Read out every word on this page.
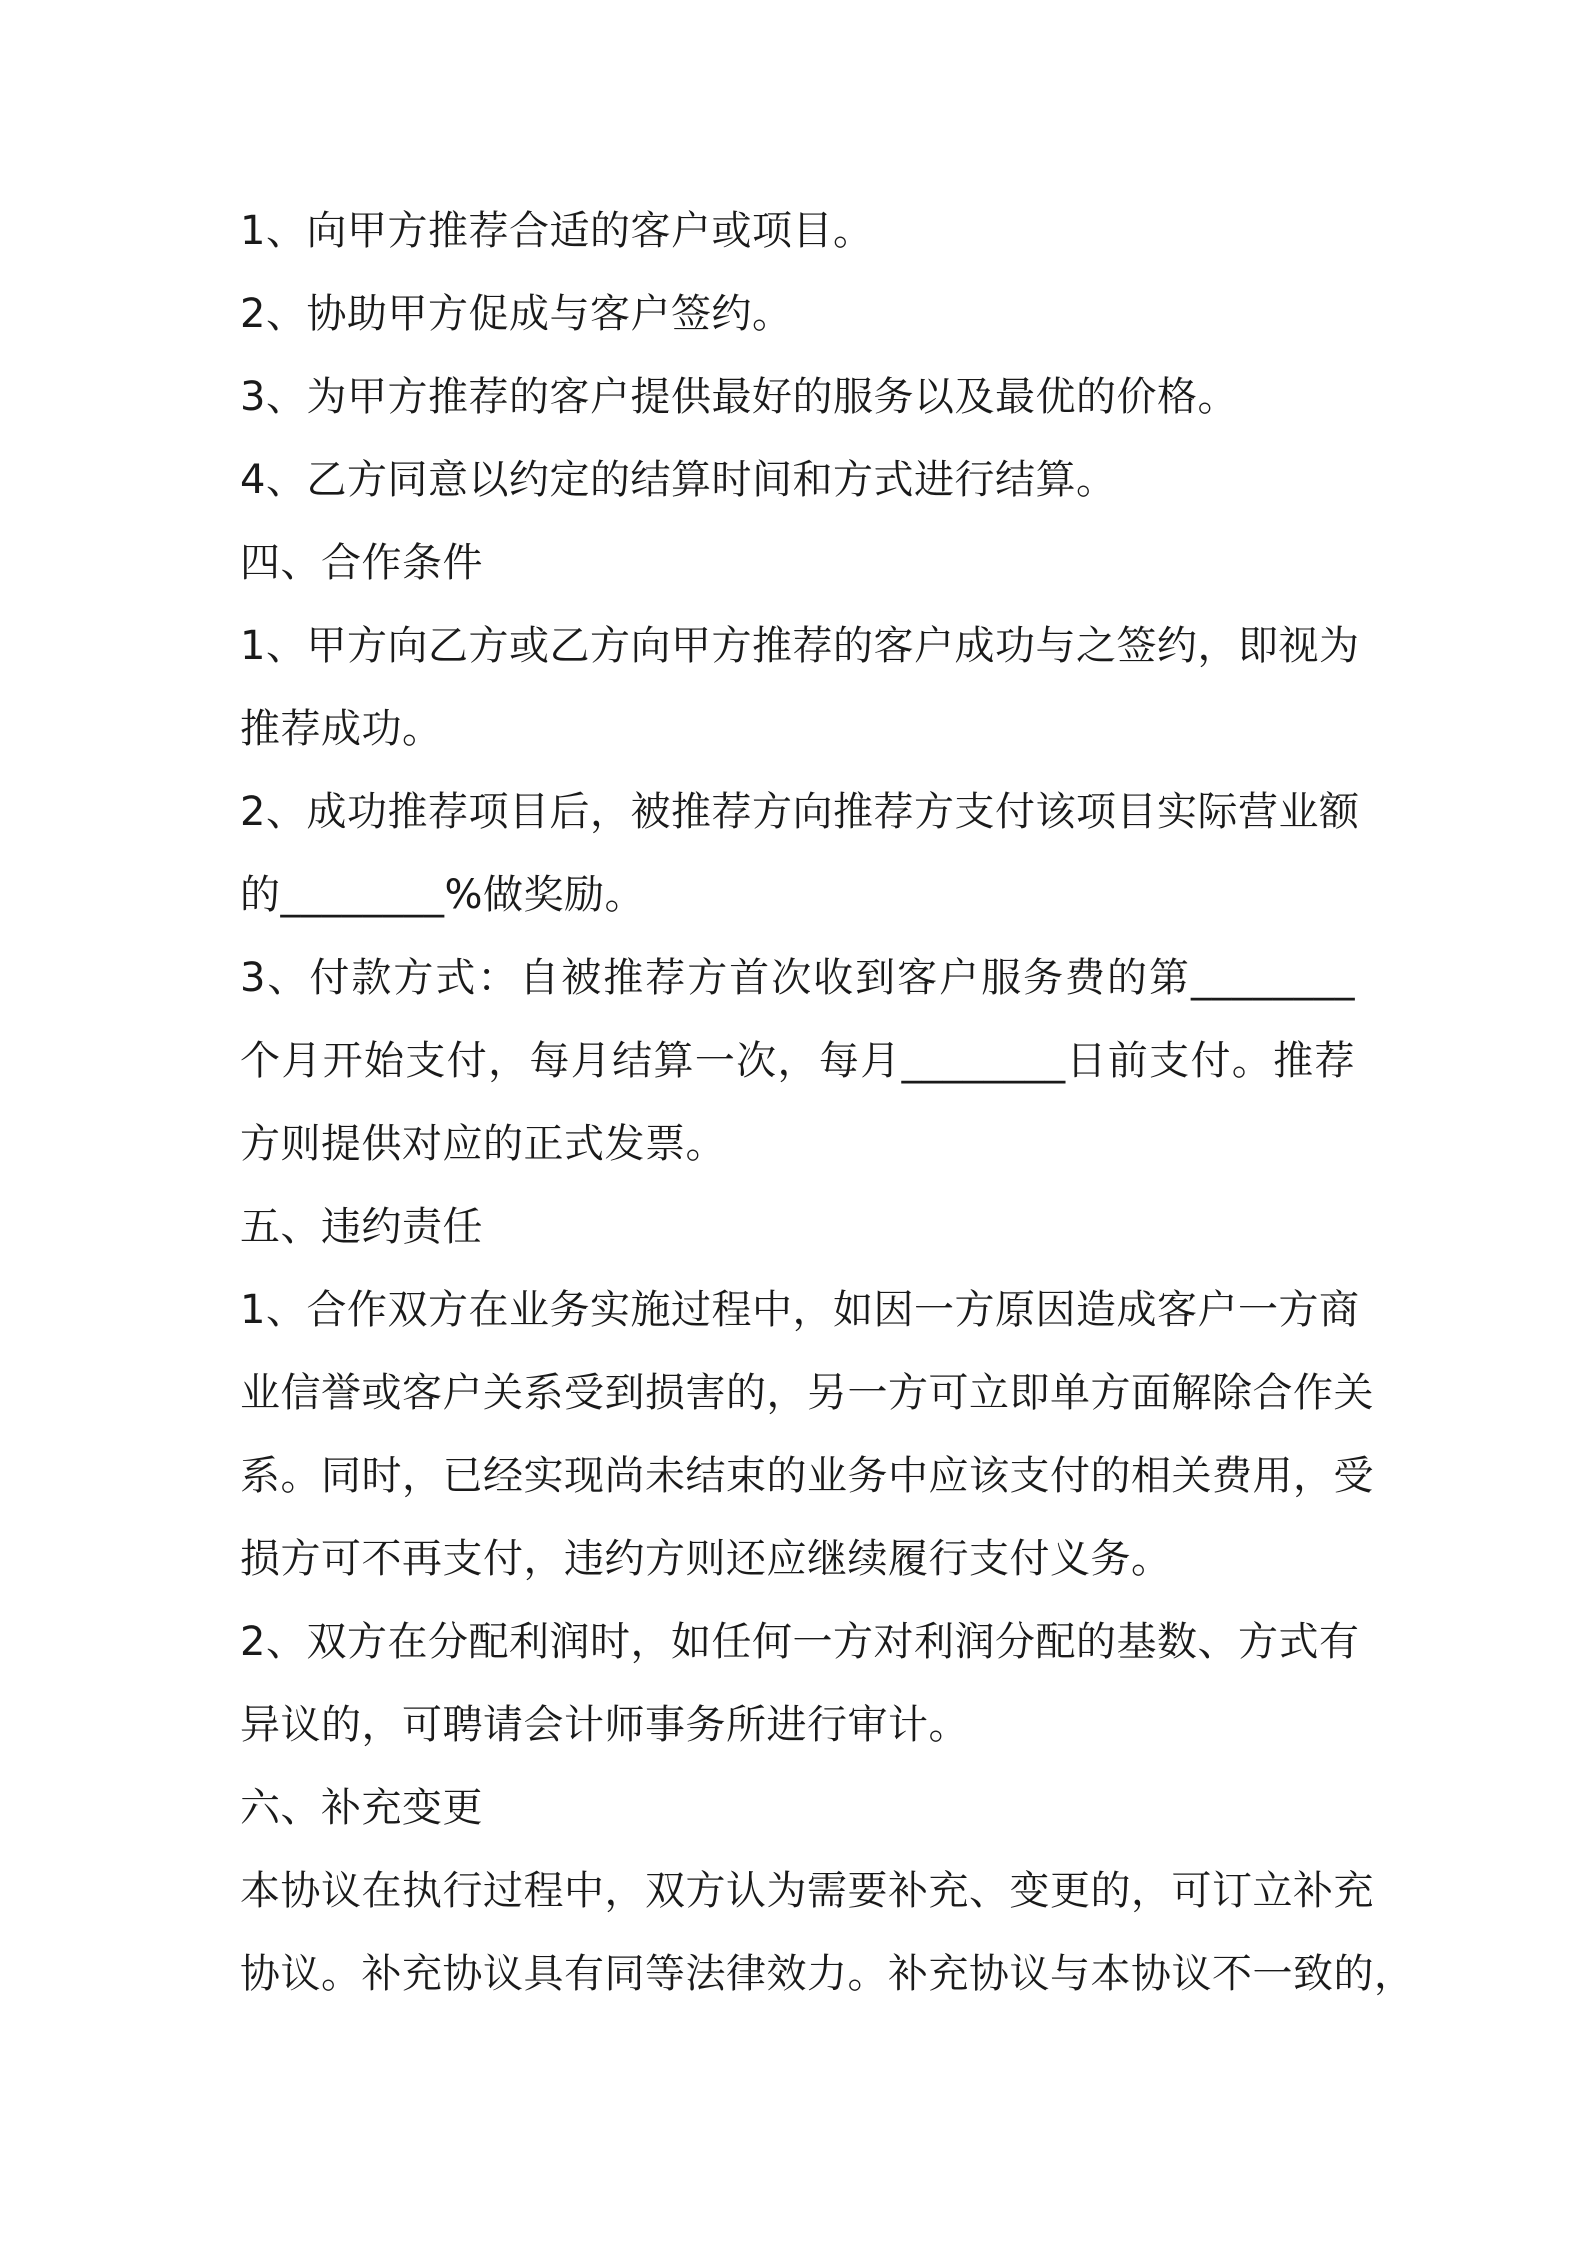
1、向甲方推荐合适的客户或项目。
2、协助甲方促成与客户签约。
3、为甲方推荐的客户提供最好的服务以及最优的价格。
4、乙方同意以约定的结算时间和方式进行结算。
四、合作条件
1、甲方向乙方或乙方向甲方推荐的客户成功与之签约，即视为
推荐成功。
2、成功推荐项目后，被推荐方向推荐方支付该项目实际营业额
的________%做奖励。
3、付款方式：自被推荐方首次收到客户服务费的第________
个月开始支付，每月结算一次，每月________日前支付。推荐
方则提供对应的正式发票。
五、违约责任
1、合作双方在业务实施过程中，如因一方原因造成客户一方商
业信誉或客户关系受到损害的，另一方可立即单方面解除合作关
系。同时，已经实现尚未结束的业务中应该支付的相关费用，受
损方可不再支付，违约方则还应继续履行支付义务。
2、双方在分配利润时，如任何一方对利润分配的基数、方式有
异议的，可聘请会计师事务所进行审计。
六、补充变更
本协议在执行过程中，双方认为需要补充、变更的，可订立补充
协议。补充协议具有同等法律效力。补充协议与本协议不一致的，
